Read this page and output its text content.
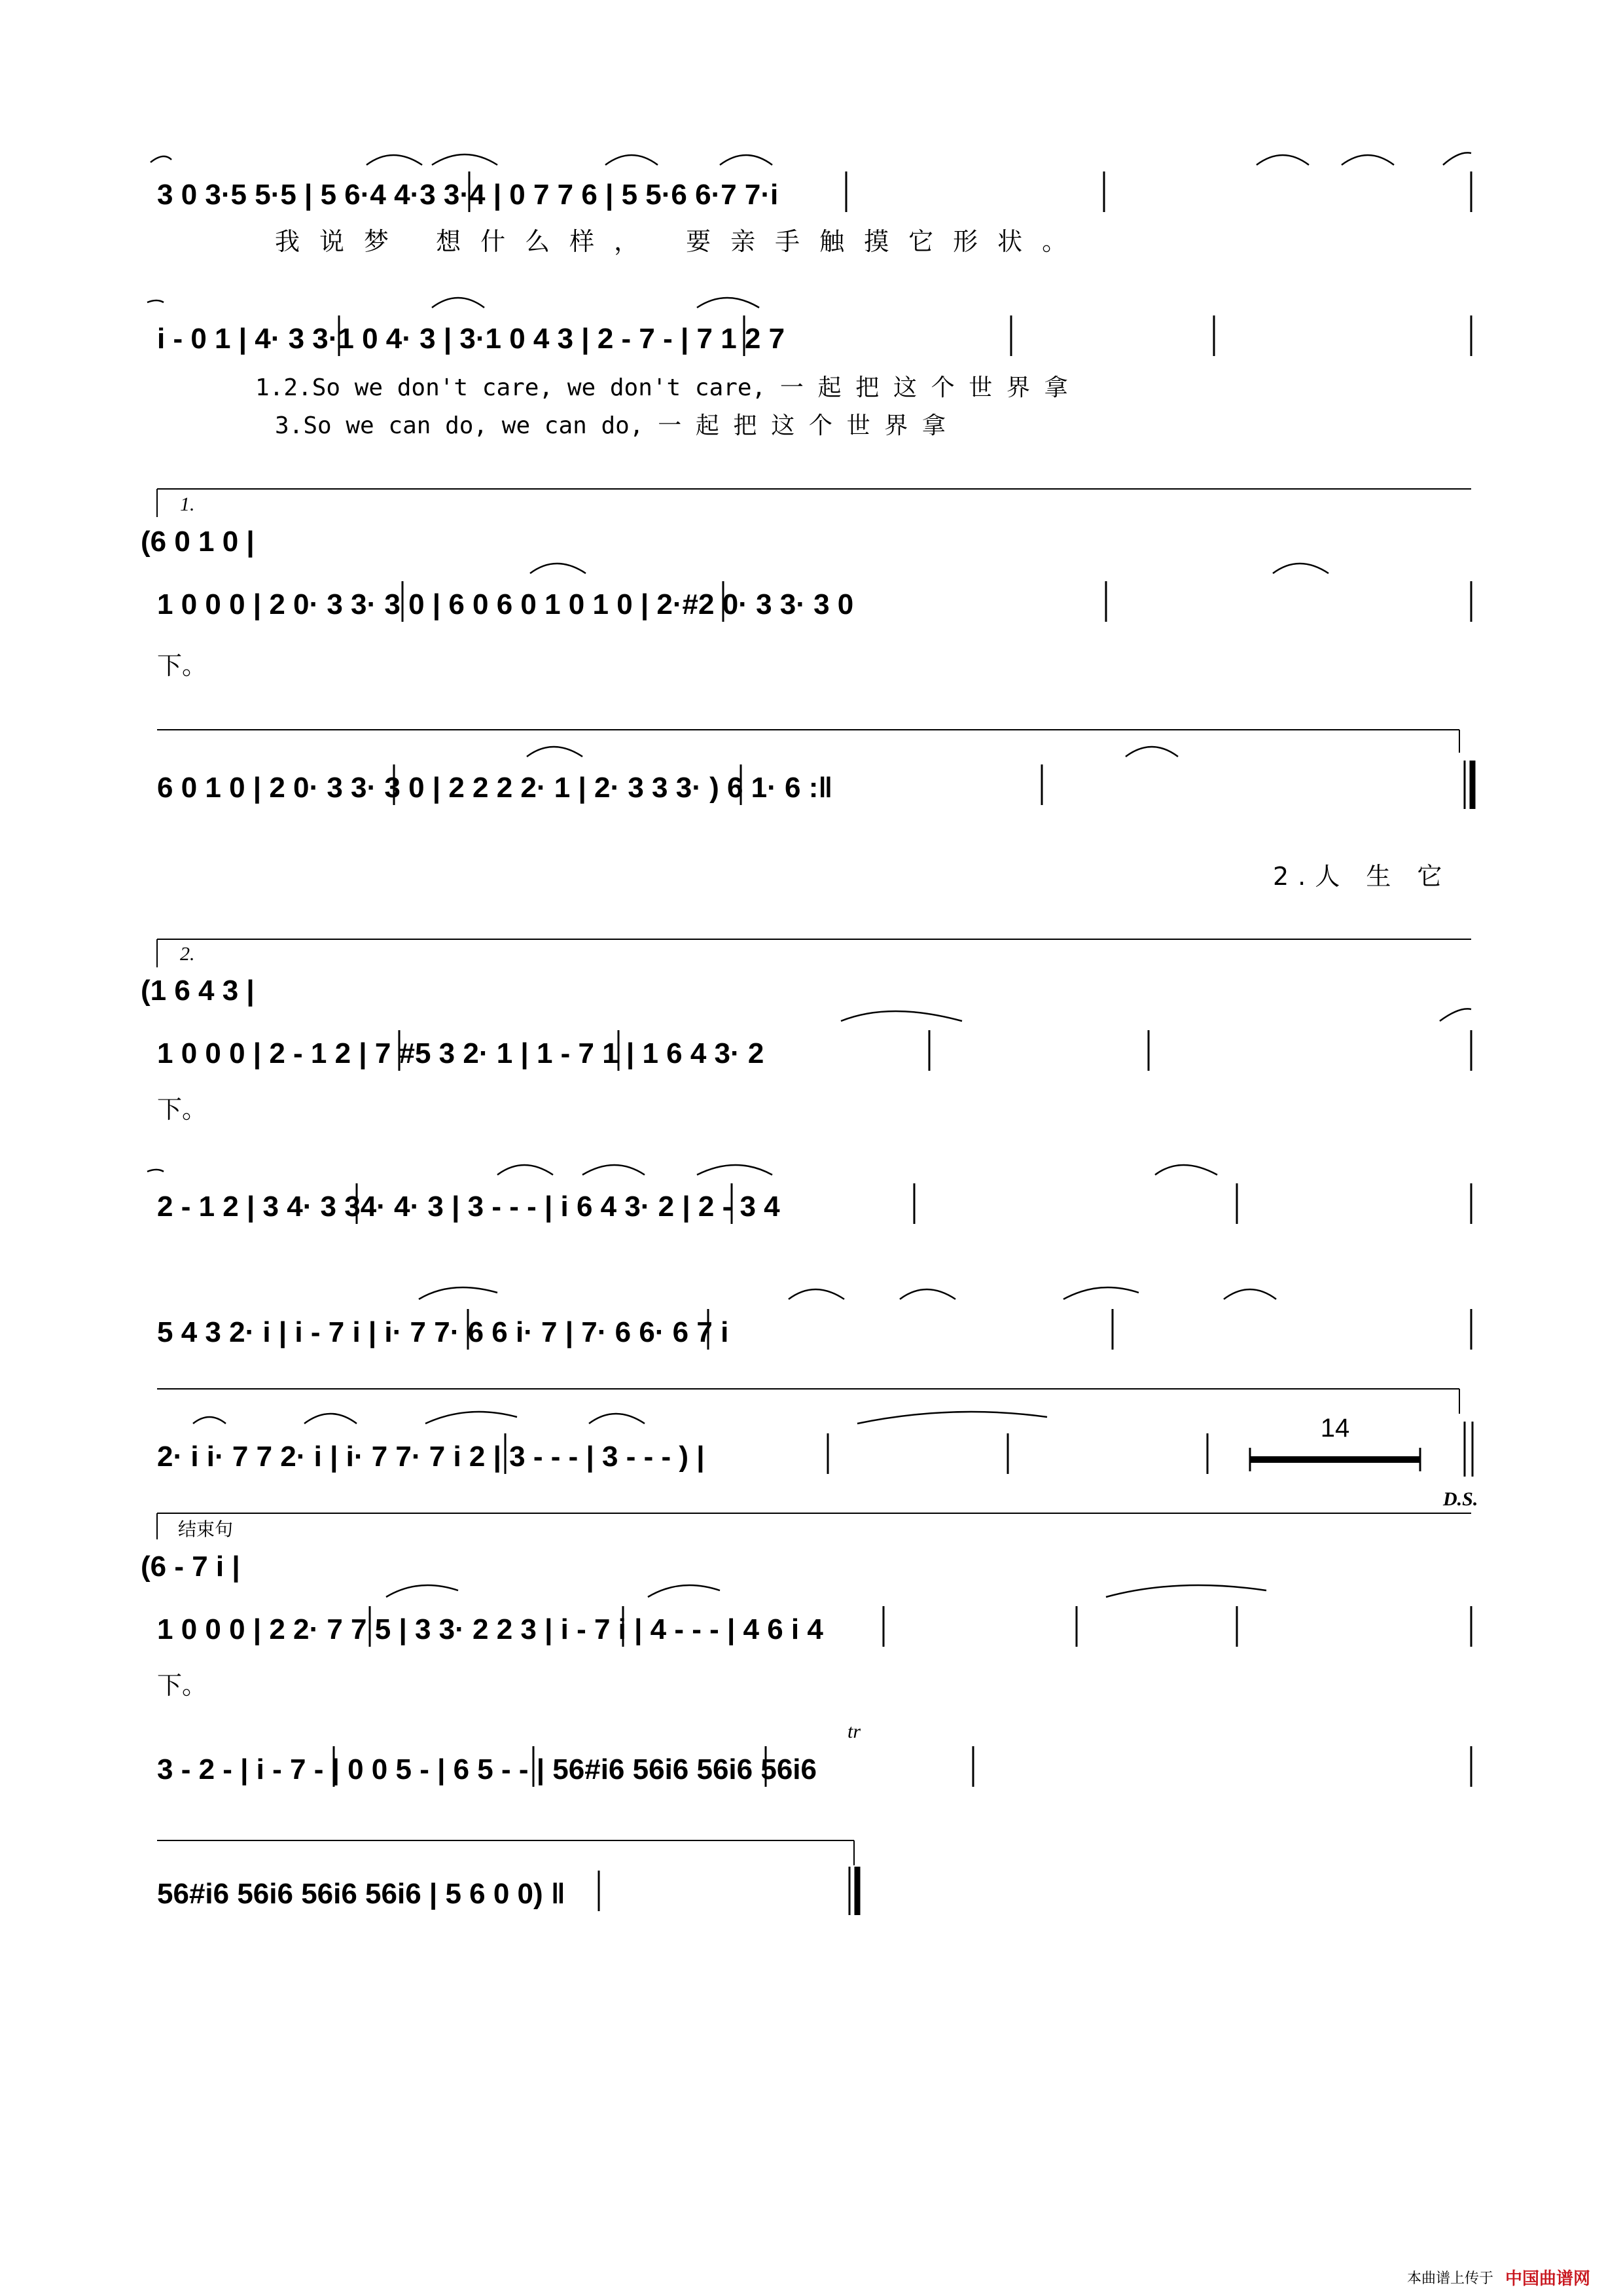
3 0 3·5 5·5 | 5 6·4 4·3 3·4 | 0 7 7 6 | 5 5·6 6·7 7·i
我说梦 想什么样， 要亲手触摸它形状。
i - 0 1 | 4· 3 3·1 0 4· 3 | 3·1 0 4 3 | 2 - 7 - | 7 1 2 7
1.2.So we don't care, we don't care, 一 起 把 这 个 世 界 拿
3.So we can do, we can do, 一 起 把 这 个 世 界 拿
1.
(6 0 1 0 |
1 0 0 0 | 2 0· 3 3· 3 0 | 6 0 6 0 1 0 1 0 | 2·#2 0· 3 3· 3 0
下。
6 0 1 0 | 2 0· 3 3· 3 0 | 2 2 2 2· 1 | 2· 3 3 3· ) 6 1· 6 :‖
2.人 生 它
2.
(1 6 4 3 |
1 0 0 0 | 2 - 1 2 | 7 #5 3 2· 1 | 1 - 7 1 | 1 6 4 3· 2
下。
2 - 1 2 | 3 4· 3 34· 4· 3 | 3 - - - | i 6 4 3· 2 | 2 - 3 4
5 4 3 2· i | i - 7 i | i· 7 7· 6 6 i· 7 | 7· 6 6· 6 7 i
2· i i· 7 7 2· i | i· 7 7· 7 i 2 | 3 - - - | 3 - - - ) |
14
D.S.
结束句
(6 - 7 i |
1 0 0 0 | 2 2· 7 7 5 | 3 3· 2 2 3 | i - 7 i | 4 - - - | 4 6 i 4
下。
3 - 2 - | i - 7 - | 0 0 5 - | 6 5 - - | 56#i6 56i6 56i6 56i6
tr
56#i6 56i6 56i6 56i6 | 5 6 0 0) ‖
本曲谱上传于 中国曲谱网
